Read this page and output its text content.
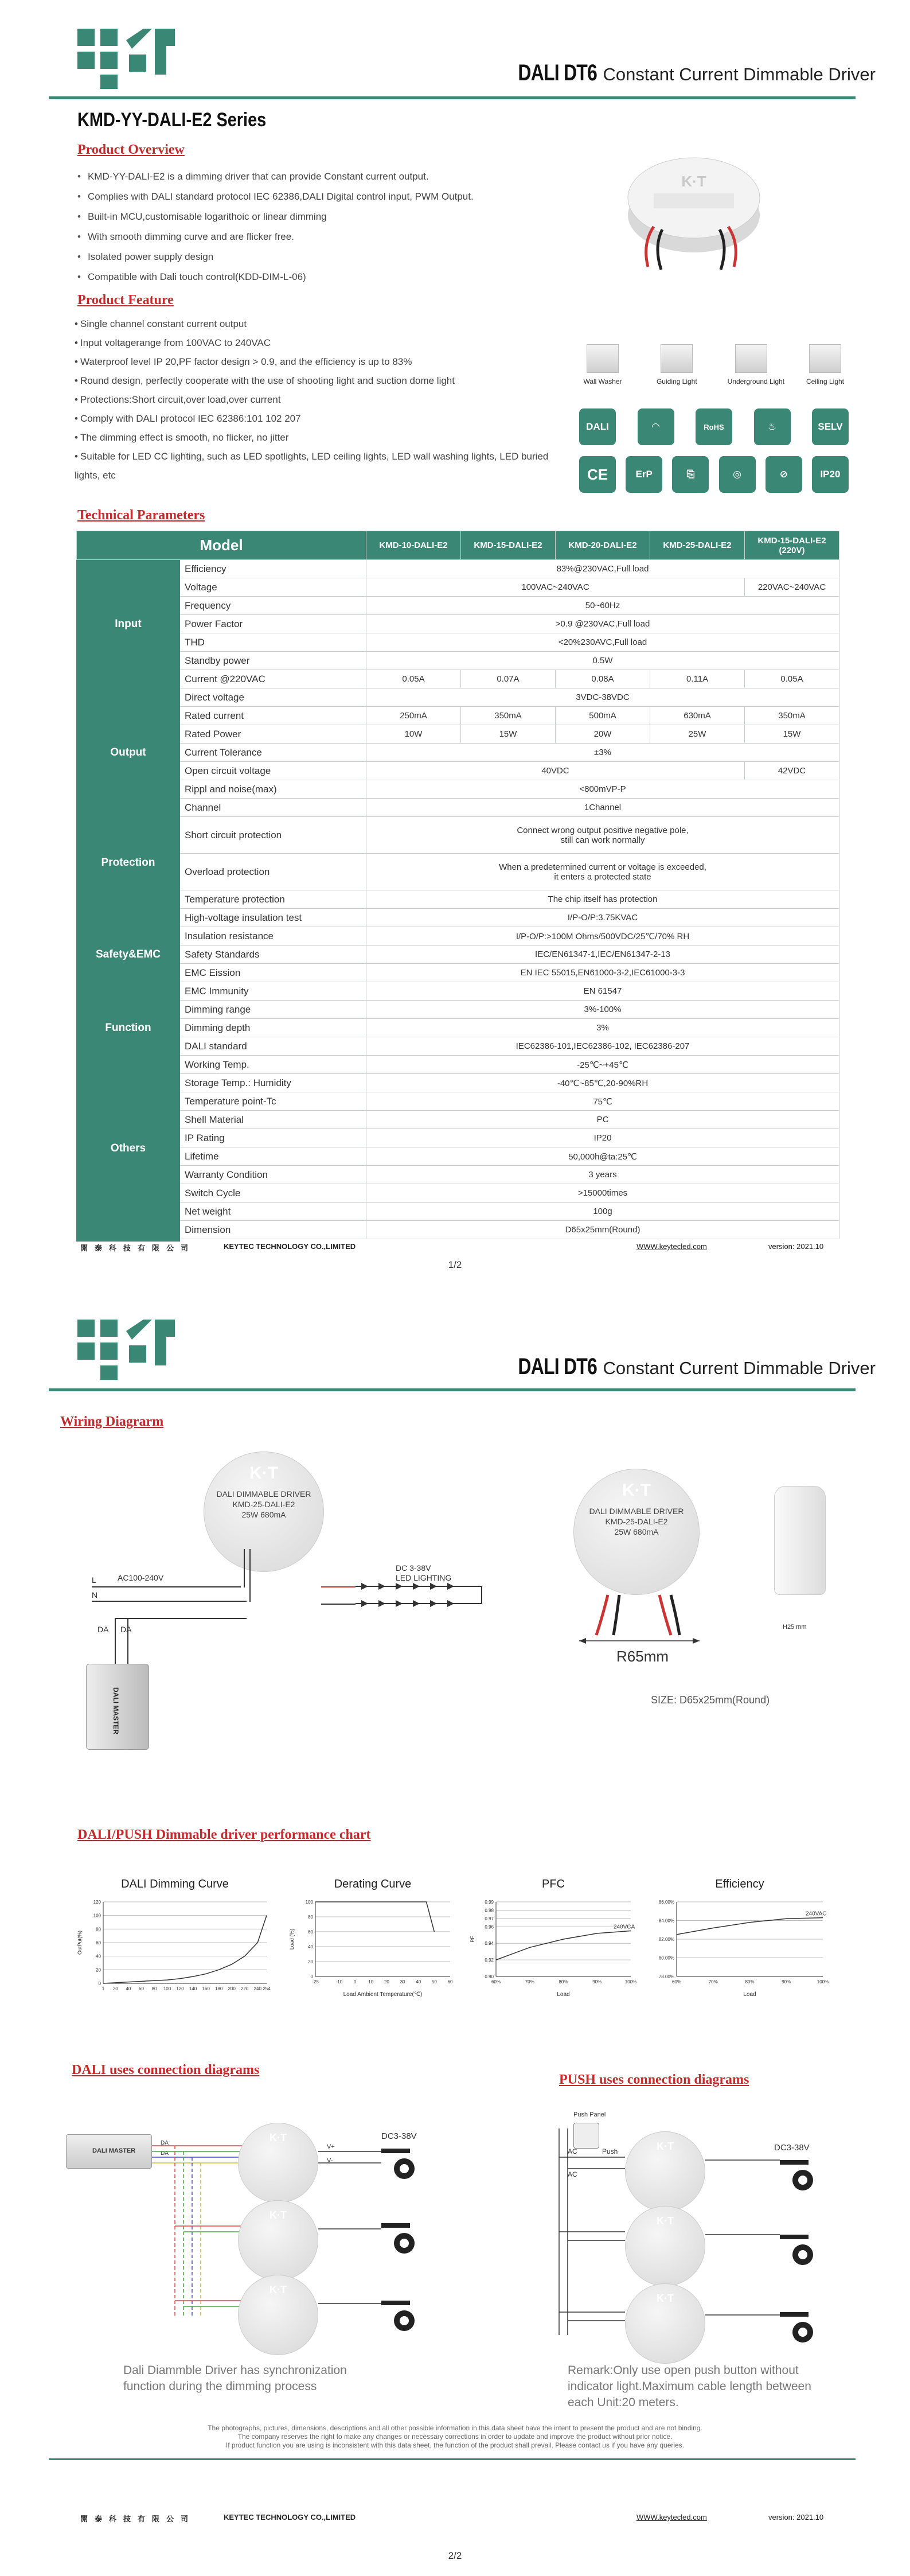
DALI DT6 Constant Current Dimmable Driver
KMD-YY-DALI-E2 Series
Product Overview
• KMD-YY-DALI-E2 is a dimming driver that can provide Constant current output.
• Complies with DALI standard protocol IEC 62386,DALI Digital control input, PWM Output.
• Built-in MCU,customisable logarithoic or linear dimming
• With smooth dimming curve and are flicker free.
• Isolated power supply design
• Compatible with Dali touch control(KDD-DIM-L-06)
K·T
Product Feature
• Single channel constant current output
• Input voltagerange from 100VAC to 240VAC
• Waterproof level IP 20,PF factor design > 0.9, and the efficiency is up to 83%
• Round design, perfectly cooperate with the use of shooting light and suction dome light
• Protections:Short circuit,over load,over current
• Comply with DALI protocol IEC 62386:101 102 207
• The dimming effect is smooth, no flicker, no jitter
• Suitable for LED CC lighting, such as LED spotlights, LED ceiling lights, LED wall washing lights, LED buried lights, etc
Wall Washer	Guiding Light	Underground Light	Ceiling Light
DALI	◠	RoHS	♨	SELV
CE	ErP	⎘	◎	⊘	IP20
Technical Parameters
Model		KMD-10-DALI-E2	KMD-15-DALI-E2	KMD-20-DALI-E2	KMD-25-DALI-E2	KMD-15-DALI-E2 (220V)
Input	Efficiency	83%@230VAC,Full load				
	Voltage	100VAC~240VAC				220VAC~240VAC
	Frequency	50~60Hz				
	Power Factor	>0.9 @230VAC,Full load				
	THD	<20%230AVC,Full load				
	Standby power	0.5W				
	Current @220VAC	0.05A	0.07A	0.08A	0.11A	0.05A
Output	Direct voltage	3VDC-38VDC				
	Rated current	250mA	350mA	500mA	630mA	350mA
	Rated Power	10W	15W	20W	25W	15W
	Current Tolerance	±3%				
	Open circuit voltage	40VDC				42VDC
	Rippl and noise(max)	<800mVP-P				
	Channel	1Channel				
Protection	Short circuit protection	Connect wrong output positive negative pole,
still can work normally				

	Overload protection	When a predetermined current or voltage is exceeded,
it enters a protected state				

	Temperature protection	The chip itself has protection				
Safety&EMC	High-voltage insulation test	I/P-O/P:3.75KVAC				
	Insulation resistance	I/P-O/P:>100M Ohms/500VDC/25℃/70% RH				
	Safety Standards	IEC/EN61347-1,IEC/EN61347-2-13				
	EMC Eission	EN IEC 55015,EN61000-3-2,IEC61000-3-3				
	EMC Immunity	EN 61547				
Function	Dimming range	3%-100%				
	Dimming depth	3%				
	DALI standard	IEC62386-101,IEC62386-102, IEC62386-207				
Others	Working Temp.	-25℃~+45℃				
	Storage Temp.: Humidity	-40℃~85℃,20-90%RH				
	Temperature point-Tc	75℃				
	Shell Material	PC				
	IP Rating	IP20				
	Lifetime	50,000h@ta:25℃				
	Warranty Condition	3 years				
	Switch Cycle	>15000times				
	Net weight	100g				
	Dimension	D65x25mm(Round)				

開泰科技有限公司	KEYTEC TECHNOLOGY CO.,LIMITED	WWW.keytecled.com	version: 2021.10
1/2
DALI DT6 Constant Current Dimmable Driver
Wiring Diagrarm
K·T
DALI DIMMABLE DRIVER
KMD-25-DALI-E2
25W 680mA
AC100-240V
L
N
DA DA
DALI MASTER
DC 3-38V
LED LIGHTING
K·T
DALI DIMMABLE DRIVER
KMD-25-DALI-E2
25W 680mA
R65mm
H25 mm
SIZE: D65x25mm(Round)
DALI/PUSH Dimmable driver performance chart
DALI Dimming Curve
0
20
40
60
80
100
120
1 20 40 60 80 100 120 140 160 180 200 220 240 254
OutPut(%)
Derating Curve
0
20
40
60
80
100
-25	-10 0	10 20 30 40 50 60
Load Ambient Temperature(℃)
Load (%)
PFC
0.90
0.92
0.94
0.96
0.97
0.98
0.99
60%	70%	80%	90%	100%
Load
PF
240VCA
Efficiency
78.00%
80.00%
82.00%
84.00%
86.00%
60%	70%	80%	90%	100%
Load
240VAC
DALI uses connection diagrams
PUSH uses connection diagrams
DALI MASTER
DA
DA
K·T
K·T
K·T
V+
V-
DC3-38V
Dali Diammble Driver has synchronization
function during the dimming process
Push Panel
AC	Push
AC
K·T
K·T
K·T
DC3-38V
Remark:Only use open push button without
indicator light.Maximum cable length between
each Unit:20 meters.
The photographs, pictures, dimensions, descriptions and all other possible information in this data sheet have the intent to present the product and are not binding.
The company reserves the right to make any changes or necessary corrections in order to update and improve the product without prior notice.
If product function you are using is inconsistent with this data sheet, the function of the product shall prevail. Please contact us if you have any queries.
開泰科技有限公司	KEYTEC TECHNOLOGY CO.,LIMITED	WWW.keytecled.com	version: 2021.10
2/2
